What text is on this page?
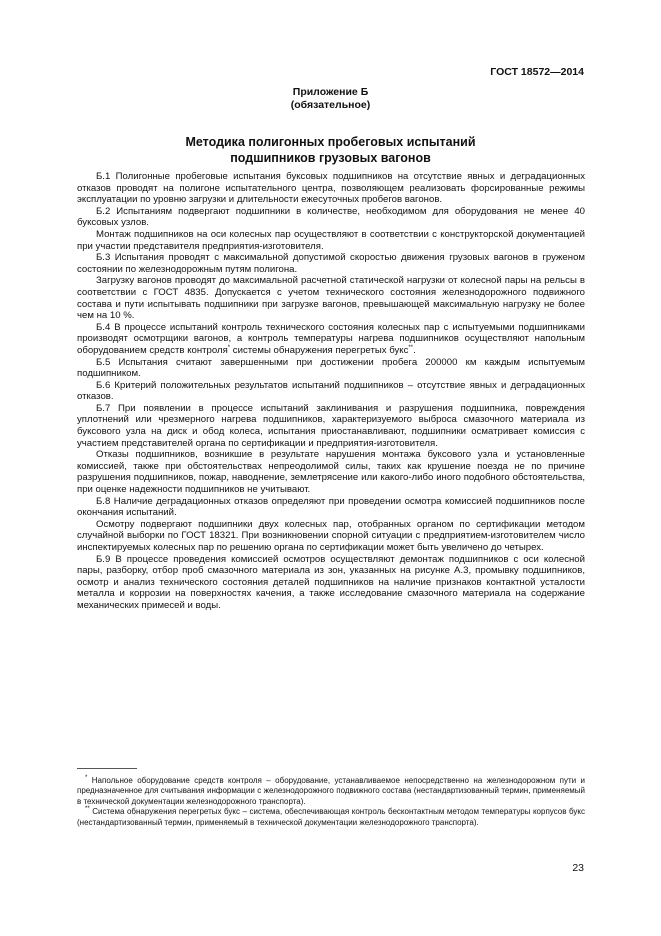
ГОСТ 18572—2014
Приложение Б
(обязательное)
Методика полигонных пробеговых испытаний
подшипников грузовых вагонов

Б.1 Полигонные пробеговые испытания буксовых подшипников на отсутствие явных и деградационных отказов проводят на полигоне испытательного центра, позволяющем реализовать форсированные режимы эксплуатации по уровню загрузки и длительности ежесуточных пробегов вагонов.

Б.2 Испытаниям подвергают подшипники в количестве, необходимом для оборудования не менее 40 буксовых узлов.

Монтаж подшипников на оси колесных пар осуществляют в соответствии с конструкторской документацией при участии представителя предприятия-изготовителя.

Б.3 Испытания проводят с максимальной допустимой скоростью движения грузовых вагонов в груженом состоянии по железнодорожным путям полигона.

Загрузку вагонов проводят до максимальной расчетной статической нагрузки от колесной пары на рельсы в соответствии с ГОСТ 4835. Допускается с учетом технического состояния железнодорожного подвижного состава и пути испытывать подшипники при загрузке вагонов, превышающей максимальную нагрузку не более чем на 10 %.

Б.4 В процессе испытаний контроль технического состояния колесных пар с испытуемыми подшипниками производят осмотрщики вагонов, а контроль температуры нагрева подшипников осуществляют напольным оборудованием средств контроля* системы обнаружения перегретых букс**.

Б.5 Испытания считают завершенными при достижении пробега 200000 км каждым испытуемым подшипником.

Б.6 Критерий положительных результатов испытаний подшипников – отсутствие явных и деградационных отказов.

Б.7 При появлении в процессе испытаний заклинивания и разрушения подшипника, повреждения уплотнений или чрезмерного нагрева подшипников, характеризуемого выброса смазочного материала из буксового узла на диск и обод колеса, испытания приостанавливают, подшипники осматривает комиссия с участием представителей органа по сертификации и предприятия-изготовителя.

Отказы подшипников, возникшие в результате нарушения монтажа буксового узла и установленные комиссией, также при обстоятельствах непреодолимой силы, таких как крушение поезда не по причине разрушения подшипников, пожар, наводнение, землетрясение или какого-либо иного подобного обстоятельства, при оценке надежности подшипников не учитывают.

Б.8 Наличие деградационных отказов определяют при проведении осмотра комиссией подшипников после окончания испытаний.

Осмотру подвергают подшипники двух колесных пар, отобранных органом по сертификации методом случайной выборки по ГОСТ 18321. При возникновении спорной ситуации с предприятием-изготовителем число инспектируемых колесных пар по решению органа по сертификации может быть увеличено до четырех.

Б.9 В процессе проведения комиссией осмотров осуществляют демонтаж подшипников с оси колесной пары, разборку, отбор проб смазочного материала из зон, указанных на рисунке А.3, промывку подшипников, осмотр и анализ технического состояния деталей подшипников на наличие признаков контактной усталости металла и коррозии на поверхностях качения, а также исследование смазочного материала на содержание механических примесей и воды.

* Напольное оборудование средств контроля – оборудование, устанавливаемое непосредственно на железнодорожном пути и предназначенное для считывания информации с железнодорожного подвижного состава (нестандартизованный термин, применяемый в технической документации железнодорожного транспорта).

** Система обнаружения перегретых букс – система, обеспечивающая контроль бесконтактным методом температуры корпусов букс (нестандартизованный термин, применяемый в технической документации железнодорожного транспорта).

23
